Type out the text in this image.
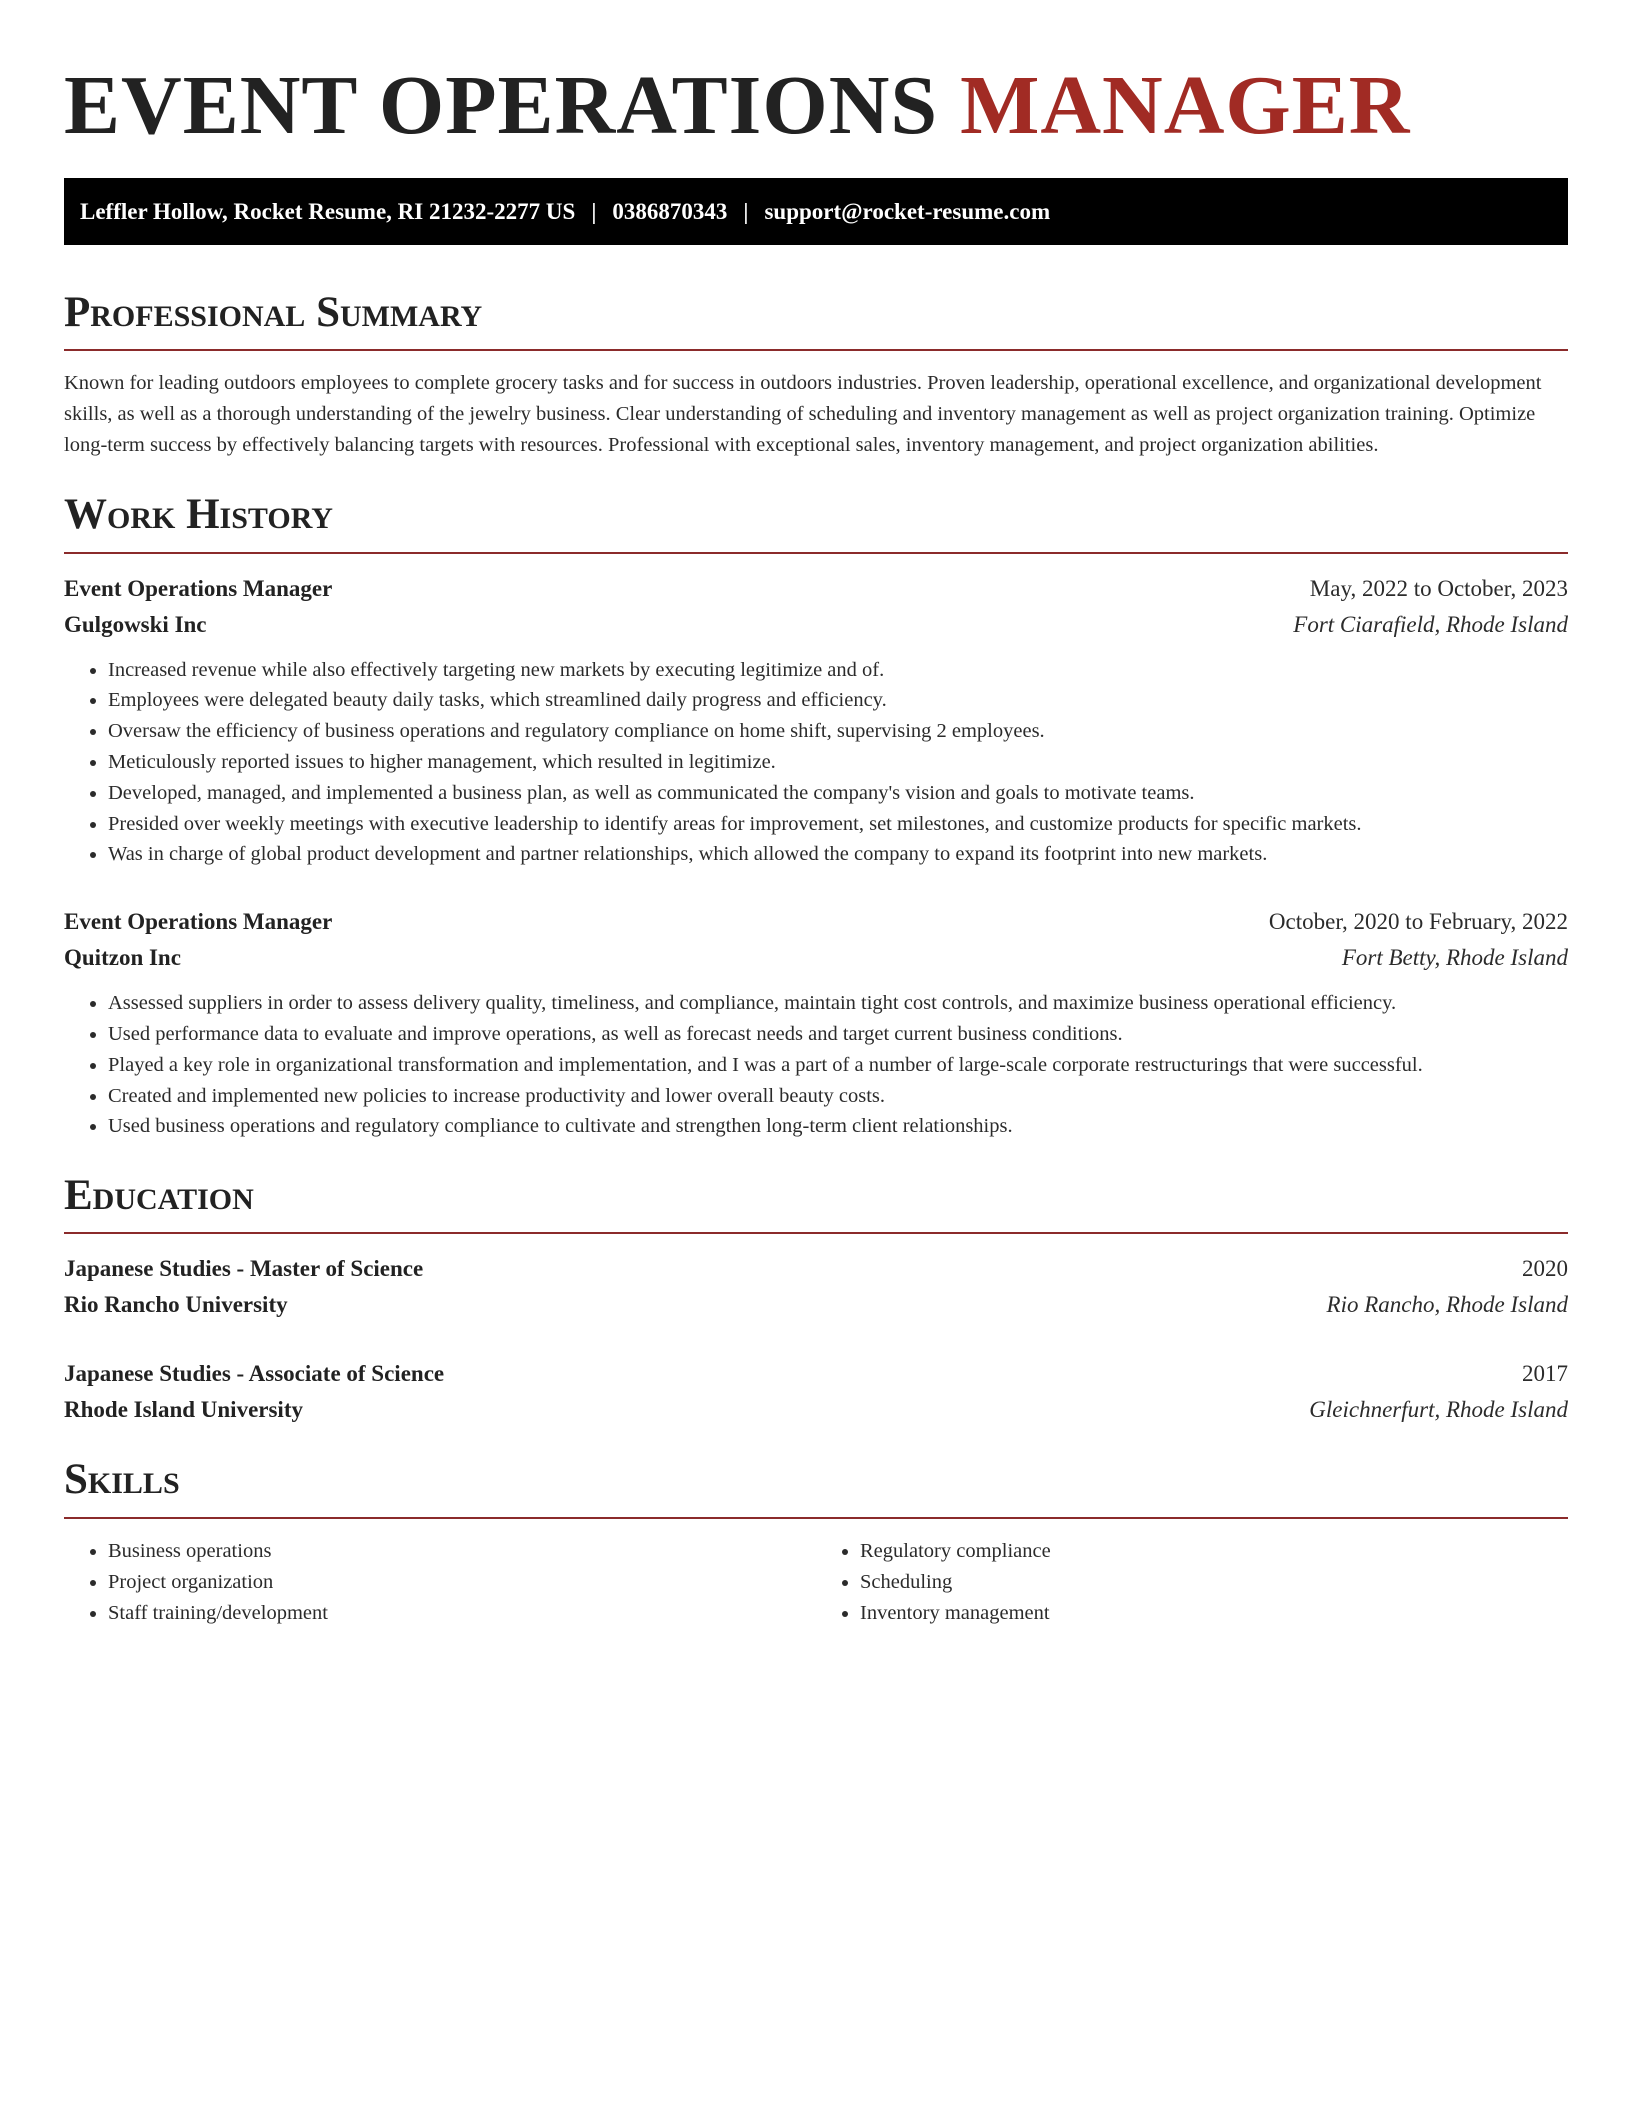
EVENT OPERATIONS MANAGER
Leffler Hollow, Rocket Resume, RI 21232-2277 US | 0386870343 | support@rocket-resume.com
Professional Summary

Known for leading outdoors employees to complete grocery tasks and for success in outdoors industries. Proven leadership, operational excellence, and organizational development skills, as well as a thorough understanding of the jewelry business. Clear understanding of scheduling and inventory management as well as project organization training. Optimize long-term success by effectively balancing targets with resources. Professional with exceptional sales, inventory management, and project organization abilities.

Work History
Event Operations Manager	May, 2022 to October, 2023
Gulgowski Inc	Fort Ciarafield, Rhode Island
• Increased revenue while also effectively targeting new markets by executing legitimize and of.
• Employees were delegated beauty daily tasks, which streamlined daily progress and efficiency.
• Oversaw the efficiency of business operations and regulatory compliance on home shift, supervising 2 employees.
• Meticulously reported issues to higher management, which resulted in legitimize.
• Developed, managed, and implemented a business plan, as well as communicated the company's vision and goals to motivate teams.
• Presided over weekly meetings with executive leadership to identify areas for improvement, set milestones, and customize products for specific markets.
• Was in charge of global product development and partner relationships, which allowed the company to expand its footprint into new markets.
Event Operations Manager	October, 2020 to February, 2022
Quitzon Inc	Fort Betty, Rhode Island
• Assessed suppliers in order to assess delivery quality, timeliness, and compliance, maintain tight cost controls, and maximize business operational efficiency.
• Used performance data to evaluate and improve operations, as well as forecast needs and target current business conditions.
• Played a key role in organizational transformation and implementation, and I was a part of a number of large-scale corporate restructurings that were successful.
• Created and implemented new policies to increase productivity and lower overall beauty costs.
• Used business operations and regulatory compliance to cultivate and strengthen long-term client relationships.
Education
Japanese Studies - Master of Science	2020
Rio Rancho University	Rio Rancho, Rhode Island
Japanese Studies - Associate of Science	2017
Rhode Island University	Gleichnerfurt, Rhode Island
Skills
• Business operations
• Project organization
• Staff training/development
• Regulatory compliance
• Scheduling
• Inventory management
